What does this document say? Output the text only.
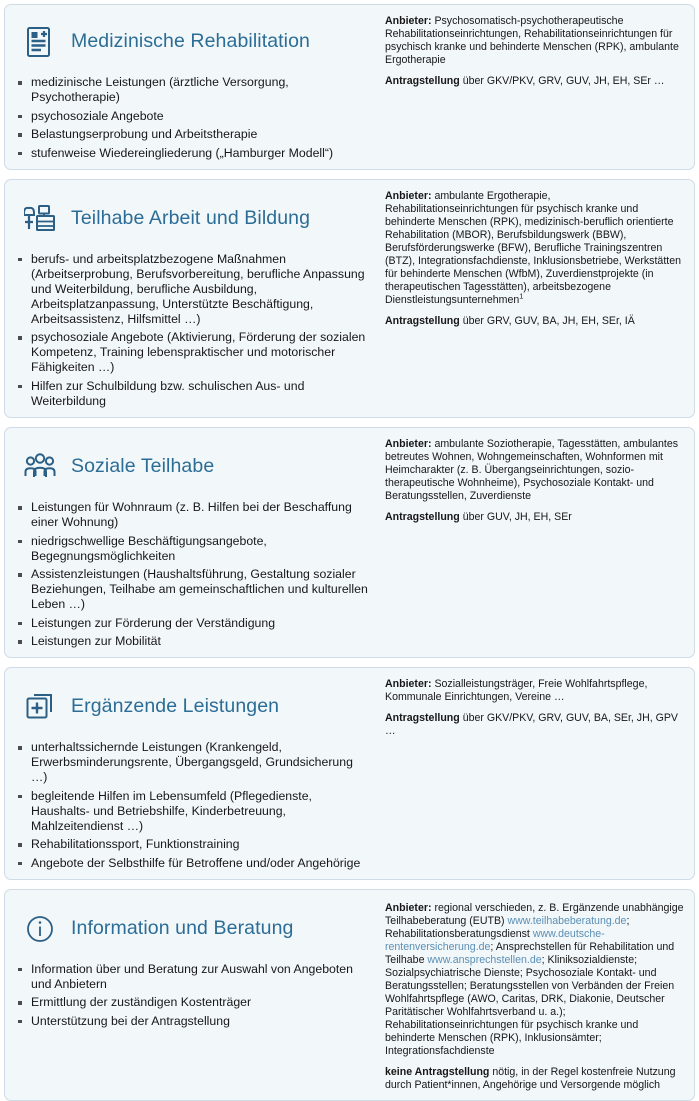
Medizinische Rehabilitation
medizinische Leistungen (ärztliche Versorgung, Psychotherapie)
psychosoziale Angebote
Belastungserprobung und Arbeitstherapie
stufenweise Wiedereingliederung („Hamburger Modell“)

Anbieter: Psychosomatisch-psychotherapeutische Rehabilitationseinrichtungen, Rehabilitationseinrichtungen für psychisch kranke und behinderte Menschen (RPK), ambulante Ergotherapie

Antragstellung über GKV/PKV, GRV, GUV, JH, EH, SEr …

Teilhabe Arbeit und Bildung
berufs- und arbeitsplatzbezogene Maßnahmen (Arbeitserprobung, Berufsvorbereitung, berufliche Anpassung und Weiterbildung, berufliche Ausbildung, Arbeitsplatzanpassung, Unterstützte Beschäftigung, Arbeitsassistenz, Hilfsmittel …)
psychosoziale Angebote (Aktivierung, Förderung der sozialen Kompetenz, Training lebenspraktischer und motorischer Fähigkeiten …)
Hilfen zur Schulbildung bzw. schulischen Aus- und Weiterbildung

Anbieter: ambulante Ergotherapie, Rehabilitationseinrichtungen für psychisch kranke und behinderte Menschen (RPK), medizinisch-beruflich orientierte Rehabilitation (MBOR), Berufsbildungswerk (BBW), Berufsförderungswerke (BFW), Berufliche Trainingszentren (BTZ), Integrationsfachdienste, Inklusionsbetriebe, Werkstätten für behinderte Menschen (WfbM), Zuverdienstprojekte (in therapeutischen Tagesstätten), arbeitsbezogene Dienstleistungsunternehmen$^1$

Antragstellung über GRV, GUV, BA, JH, EH, SEr, IÄ

Soziale Teilhabe
Leistungen für Wohnraum (z. B. Hilfen bei der Beschaffung einer Wohnung)
niedrigschwellige Beschäftigungsangebote, Begegnungsmöglichkeiten
Assistenzleistungen (Haushaltsführung, Gestaltung sozialer Beziehungen, Teilhabe am gemeinschaftlichen und kulturellen Leben …)
Leistungen zur Förderung der Verständigung
Leistungen zur Mobilität

Anbieter: ambulante Soziotherapie, Tagesstätten, ambulantes betreutes Wohnen, Wohngemeinschaften, Wohnformen mit Heimcharakter (z. B. Übergangseinrichtungen, sozio-therapeutische Wohnheime), Psychosoziale Kontakt- und Beratungsstellen, Zuverdienste

Antragstellung über GUV, JH, EH, SEr

Ergänzende Leistungen
unterhaltssichernde Leistungen (Krankengeld, Erwerbsminderungsrente, Übergangsgeld, Grundsicherung …)
begleitende Hilfen im Lebensumfeld (Pflegedienste, Haushalts- und Betriebshilfe, Kinderbetreuung, Mahlzeitendienst …)
Rehabilitationssport, Funktionstraining
Angebote der Selbsthilfe für Betroffene und/oder Angehörige

Anbieter: Sozialleistungsträger, Freie Wohlfahrtspflege, Kommunale Einrichtungen, Vereine …

Antragstellung über GKV/PKV, GRV, GUV, BA, SEr, JH, GPV …

Information und Beratung
Information über und Beratung zur Auswahl von Angeboten und Anbietern
Ermittlung der zuständigen Kostenträger
Unterstützung bei der Antragstellung

Anbieter: regional verschieden, z. B. Ergänzende unabhängige Teilhabeberatung (EUTB) www.teilhabeberatung.de; Rehabilitationsberatungsdienst www.deutsche-rentenversicherung.de; Ansprechstellen für Rehabilitation und Teilhabe www.ansprechstellen.de; Kliniksozialdienste; Sozialpsychiatrische Dienste; Psychosoziale Kontakt- und Beratungsstellen; Beratungsstellen von Verbänden der Freien Wohlfahrtspflege (AWO, Caritas, DRK, Diakonie, Deutscher Paritätischer Wohlfahrtsverband u. a.); Rehabilitationseinrichtungen für psychisch kranke und behinderte Menschen (RPK), Inklusionsämter; Integrationsfachdienste

keine Antragstellung nötig, in der Regel kostenfreie Nutzung durch Patient*innen, Angehörige und Versorgende möglich
